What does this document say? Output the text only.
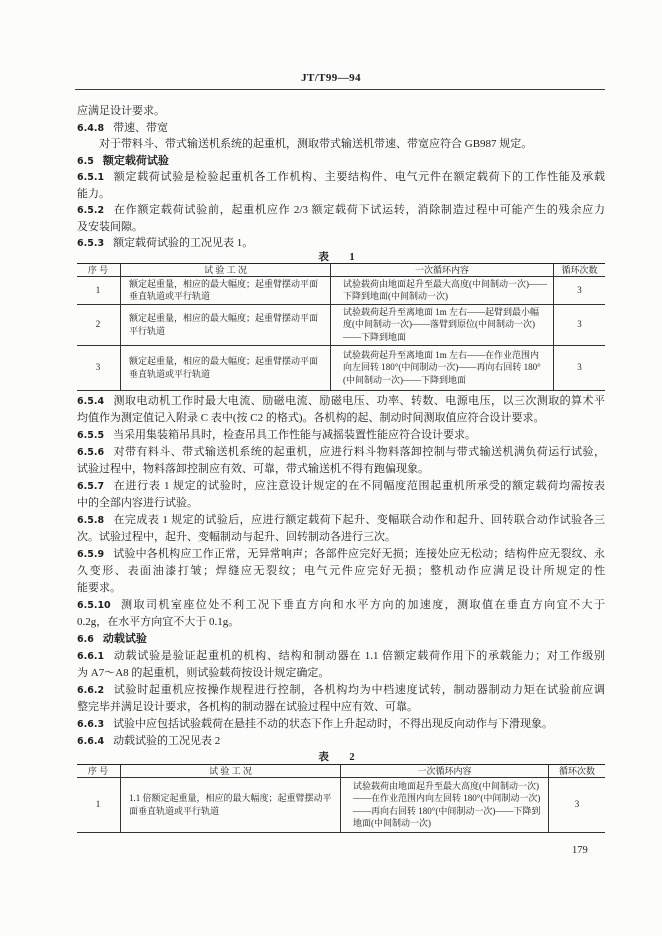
JT/T99—94
应满足设计要求。
6.4.8 带速、带宽
对于带料斗、带式输送机系统的起重机，测取带式输送机带速、带宽应符合 GB987 规定。
6.5 额定载荷试验
6.5.1 额定载荷试验是检验起重机各工作机构、主要结构件、电气元件在额定载荷下的工作性能及承载
能力。
6.5.2 在作额定载荷试验前，起重机应作 2/3 额定载荷下试运转，消除制造过程中可能产生的残余应力
及安装间隙。
6.5.3 额定载荷试验的工况见表 1。
表 1
序 号	试 验 工 况	一次循环内容	循环次数
1	额定起重量，相应的最大幅度；起重臂摆动平面垂直轨道或平行轨道	试验载荷由地面起升至最大高度(中间制动一次)——下降到地面(中间制动一次)	3
2	额定起重量，相应的最大幅度；起重臂摆动平面平行轨道	试验载荷起升至离地面 1m 左右——起臂到最小幅度(中间制动一次)——落臂到原位(中间制动一次)——下降到地面	3
3	额定起重量，相应的最大幅度；起重臂摆动平面垂直轨道或平行轨道	试验载荷起升至离地面 1m 左右——在作业范围内向左回转 180°(中间制动一次)——再向右回转 180°(中间制动一次)——下降到地面	3
6.5.4 测取电动机工作时最大电流、励磁电流、励磁电压、功率、转数、电源电压，以三次测取的算术平
均值作为测定值记入附录 C 表中(按 C2 的格式)。各机构的起、制动时间测取值应符合设计要求。
6.5.5 当采用集装箱吊具时，检查吊具工作性能与减摇装置性能应符合设计要求。
6.5.6 对带有料斗、带式输送机系统的起重机，应进行料斗物料落卸控制与带式输送机满负荷运行试验，
试验过程中，物料落卸控制应有效、可靠，带式输送机不得有跑偏现象。
6.5.7 在进行表 1 规定的试验时，应注意设计规定的在不同幅度范围起重机所承受的额定载荷均需按表
中的全部内容进行试验。
6.5.8 在完成表 1 规定的试验后，应进行额定载荷下起升、变幅联合动作和起升、回转联合动作试验各三
次。试验过程中，起升、变幅制动与起升、回转制动各进行三次。
6.5.9 试验中各机构应工作正常，无异常响声；各部件应完好无损；连接处应无松动；结构件应无裂纹、永
久变形、表面油漆打皱；焊缝应无裂纹；电气元件应完好无损；整机动作应满足设计所规定的性
能要求。
6.5.10 测取司机室座位处不利工况下垂直方向和水平方向的加速度，测取值在垂直方向宜不大于
0.2g，在水平方向宜不大于 0.1g。
6.6 动载试验
6.6.1 动载试验是验证起重机的机构、结构和制动器在 1.1 倍额定载荷作用下的承载能力；对工作级别
为 A7～A8 的起重机，则试验载荷按设计规定确定。
6.6.2 试验时起重机应按操作规程进行控制，各机构均为中档速度试转，制动器制动力矩在试验前应调
整完毕并满足设计要求，各机构的制动器在试验过程中应有效、可靠。
6.6.3 试验中应包括试验载荷在悬挂不动的状态下作上升起动时，不得出现反向动作与下滑现象。
6.6.4 动载试验的工况见表 2
表 2
序 号	试 验 工 况	一次循环内容	循环次数
1	1.1 倍额定起重量，相应的最大幅度；起重臂摆动平面垂直轨道或平行轨道	试验载荷由地面起升至最大高度(中间制动一次)——在作业范围内向左回转 180°(中间制动一次)——再向右回转 180°(中间制动一次)——下降到地面(中间制动一次)	3
179
